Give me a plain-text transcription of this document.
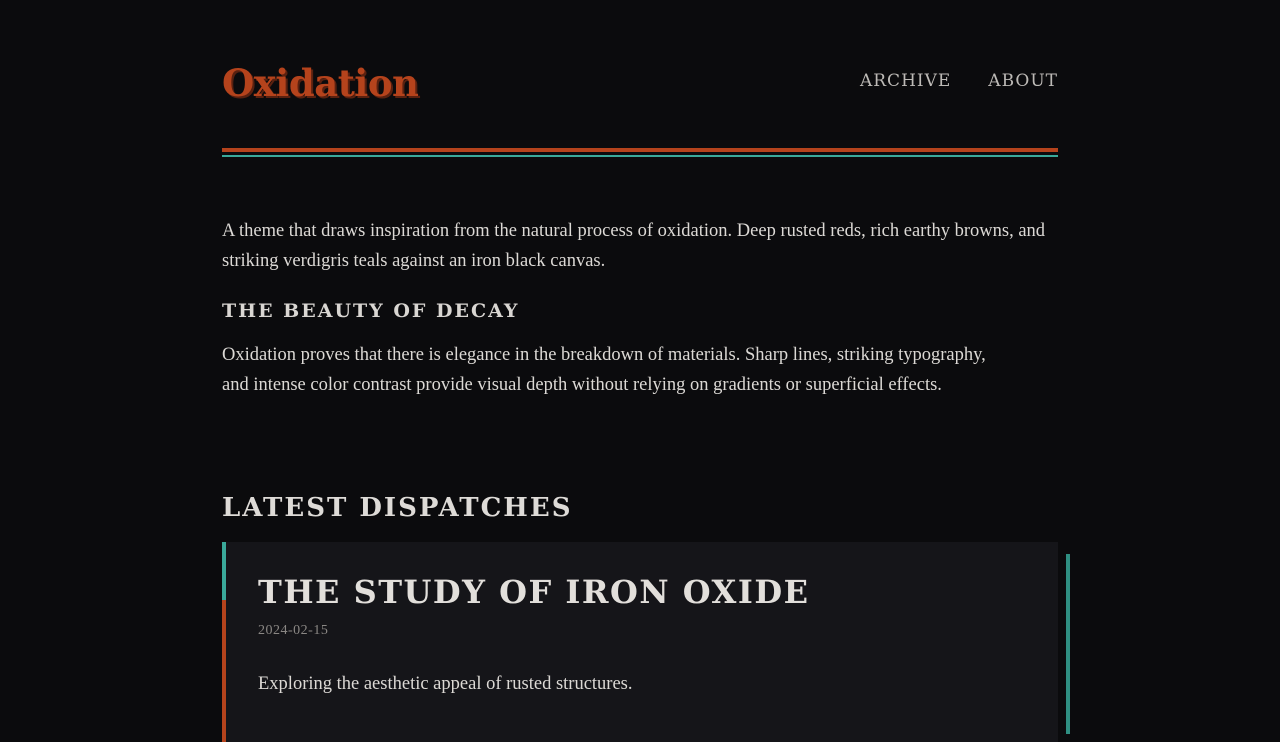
Oxidation	ARCHIVE ABOUT

A theme that draws inspiration from the natural process of oxidation. Deep rusted reds, rich earthy browns, and striking verdigris teals against an iron black canvas.

THE BEAUTY OF DECAY

Oxidation proves that there is elegance in the breakdown of materials. Sharp lines, striking typography, and intense color contrast provide visual depth without relying on gradients or superficial effects.

LATEST DISPATCHES
THE STUDY OF IRON OXIDE
2024-02-15

Exploring the aesthetic appeal of rusted structures.
